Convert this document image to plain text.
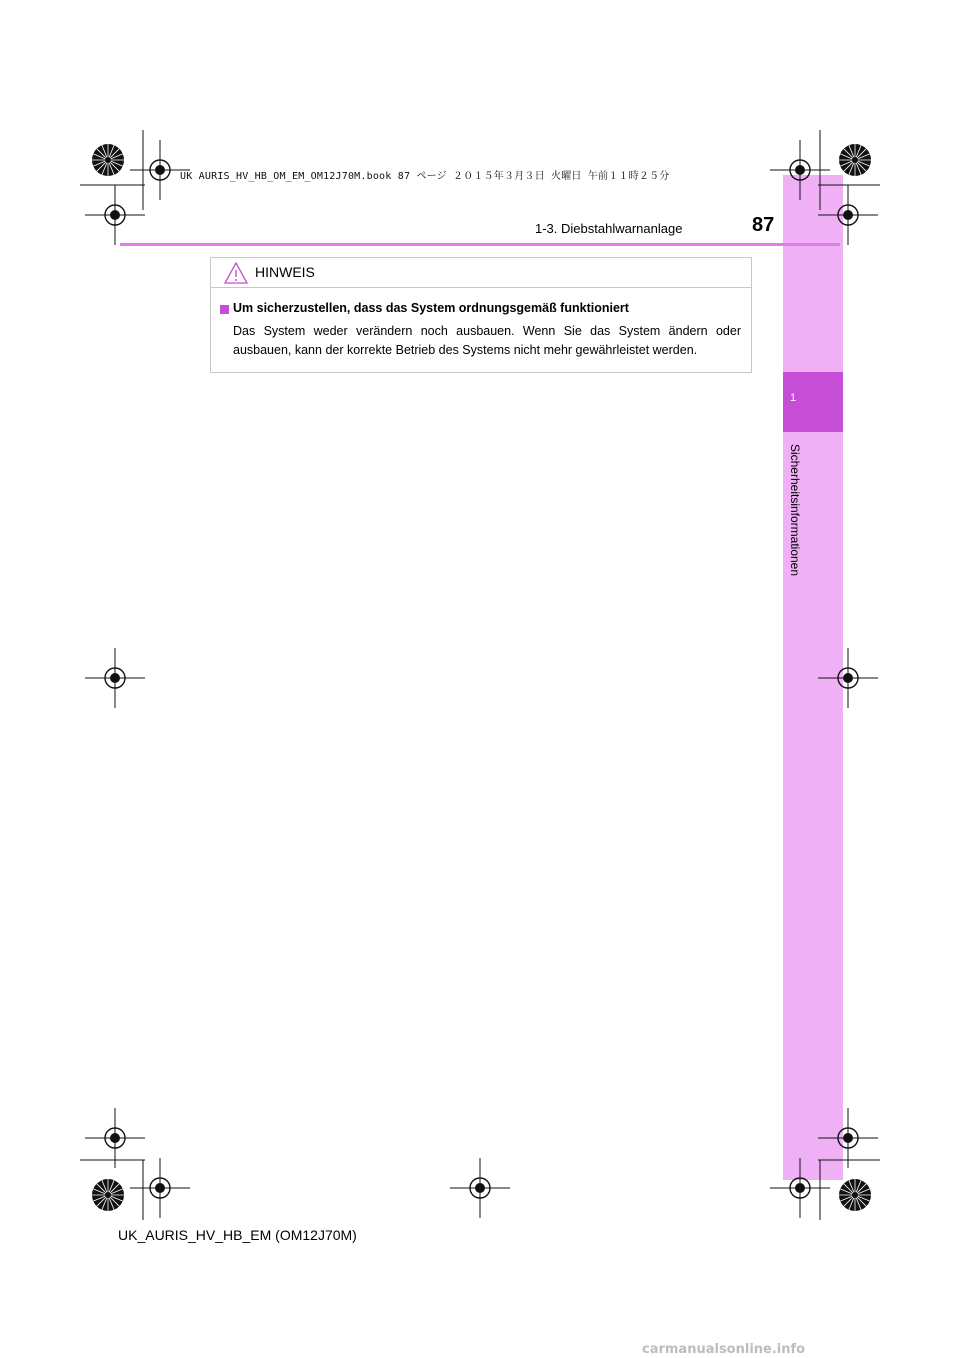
1
Sicherheitsinformationen
UK AURIS_HV_HB_OM_EM_OM12J70M.book 87 ページ ２０１５年３月３日 火曜日 午前１１時２５分
1-3. Diebstahlwarnanlage	87
HINWEIS
Um sicherzustellen, dass das System ordnungsgemäß funktioniert
Das System weder verändern noch ausbauen. Wenn Sie das System ändern oder ausbauen, kann der korrekte Betrieb des Systems nicht mehr gewährleistet werden.
UK_AURIS_HV_HB_EM (OM12J70M)
carmanualsonline.info
